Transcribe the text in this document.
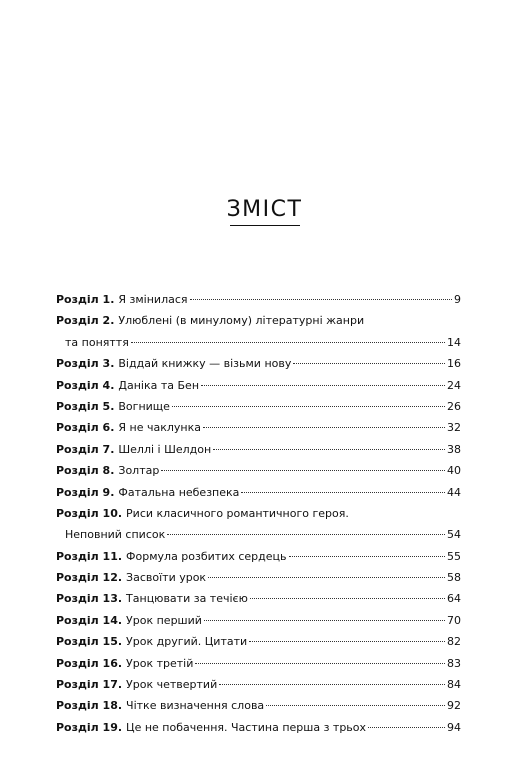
ЗМІСТ
Розділ 1. Я змінилася	9
Розділ 2. Улюблені (в минулому) літературні жанри
та поняття	14
Розділ 3. Віддай книжку — візьми нову	16
Розділ 4. Даніка та Бен	24
Розділ 5. Вогнище	26
Розділ 6. Я не чаклунка	32
Розділ 7. Шеллі і Шелдон	38
Розділ 8. Золтар	40
Розділ 9. Фатальна небезпека	44
Розділ 10. Риси класичного романтичного героя.
Неповний список	54
Розділ 11. Формула розбитих сердець	55
Розділ 12. Засвоїти урок	58
Розділ 13. Танцювати за течією	64
Розділ 14. Урок перший	70
Розділ 15. Урок другий. Цитати	82
Розділ 16. Урок третій	83
Розділ 17. Урок четвертий	84
Розділ 18. Чітке визначення слова	92
Розділ 19. Це не побачення. Частина перша з трьох	94
